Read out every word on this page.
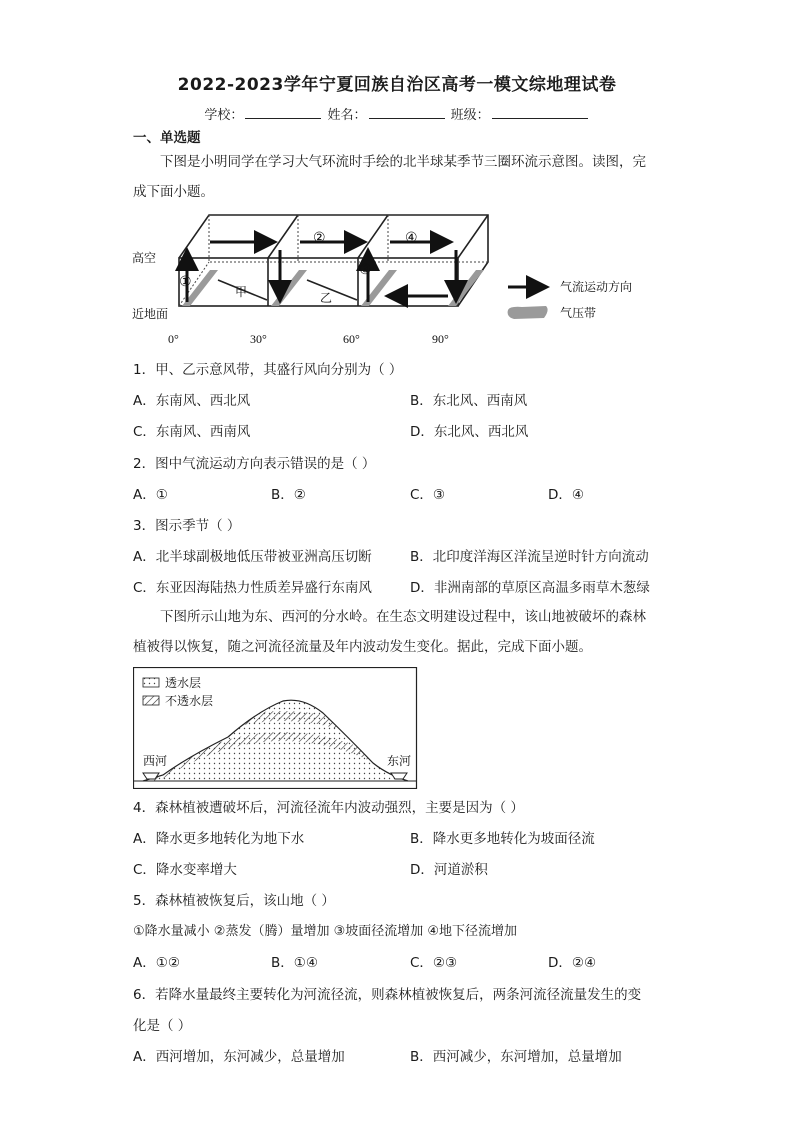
2022-2023学年宁夏回族自治区高考一模文综地理试卷
学校：	姓名：	班级：
一、单选题
下图是小明同学在学习大气环流时手绘的北半球某季节三圈环流示意图。读图，完
成下面小题。
高空
近地面
①
②
③
④
甲	乙
0°	30°	60°	90°
气流运动方向
气压带
1．甲、乙示意风带，其盛行风向分别为（ ）
A．东南风、西北风	B．东北风、西南风
C．东南风、西南风	D．东北风、西北风
2．图中气流运动方向表示错误的是（ ）
A．①	B．②	C．③	D．④
3．图示季节（ ）
A．北半球副极地低压带被亚洲高压切断	B．北印度洋海区洋流呈逆时针方向流动
C．东亚因海陆热力性质差异盛行东南风	D．非洲南部的草原区高温多雨草木葱绿
下图所示山地为东、西河的分水岭。在生态文明建设过程中，该山地被破坏的森林
植被得以恢复，随之河流径流量及年内波动发生变化。据此，完成下面小题。
透水层
不透水层
西河	东河
4．森林植被遭破坏后，河流径流年内波动强烈，主要是因为（ ）
A．降水更多地转化为地下水	B．降水更多地转化为坡面径流
C．降水变率增大	D．河道淤积
5．森林植被恢复后，该山地（ ）
①降水量减小 ②蒸发（腾）量增加 ③坡面径流增加 ④地下径流增加
A．①②	B．①④	C．②③	D．②④
6．若降水量最终主要转化为河流径流，则森林植被恢复后，两条河流径流量发生的变
化是（ ）
A．西河增加，东河减少，总量增加	B．西河减少，东河增加，总量增加
